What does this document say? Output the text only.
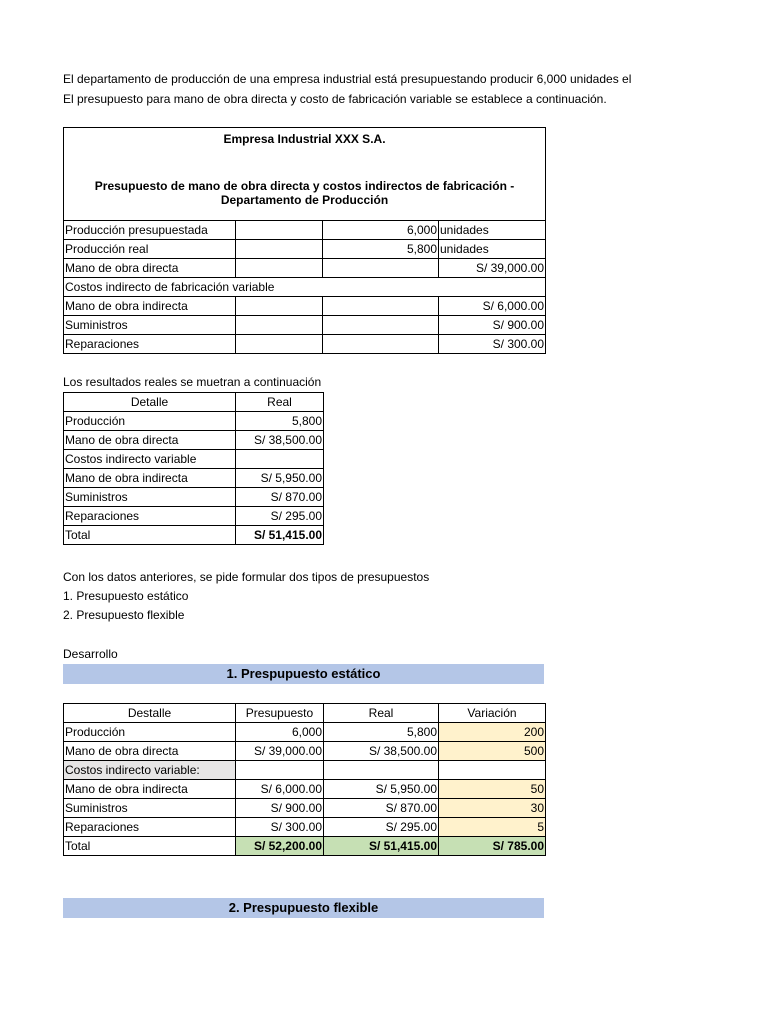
El departamento de producción de una empresa industrial está presupuestando producir 6,000 unidades el
El presupuesto para mano de obra directa y costo de fabricación variable se establece a continuación.
Empresa Industrial XXX S.A.
Presupuesto de mano de obra directa y costos indirectos de fabricación -
Departamento de Producción			

Producción presupuestada		6,000	unidades
Producción real		5,800	unidades
Mano de obra directa			S/ 39,000.00
Costos indirecto de fabricación variable			
Mano de obra indirecta			S/ 6,000.00
Suministros			S/ 900.00
Reparaciones			S/ 300.00
Los resultados reales se muetran a continuación
Detalle	Real
Producción	5,800
Mano de obra directa	S/ 38,500.00
Costos indirecto variable	
Mano de obra indirecta	S/ 5,950.00
Suministros	S/ 870.00
Reparaciones	S/ 295.00
Total	S/ 51,415.00
Con los datos anteriores, se pide formular dos tipos de presupuestos
1. Presupuesto estático
2. Presupuesto flexible
Desarrollo
1. Prespupuesto estático
Destalle	Presupuesto	Real	Variación
Producción	6,000	5,800	200
Mano de obra directa	S/ 39,000.00	S/ 38,500.00	500
Costos indirecto variable:			
Mano de obra indirecta	S/ 6,000.00	S/ 5,950.00	50
Suministros	S/ 900.00	S/ 870.00	30
Reparaciones	S/ 300.00	S/ 295.00	5
Total	S/ 52,200.00	S/ 51,415.00	S/ 785.00
2. Prespupuesto flexible
